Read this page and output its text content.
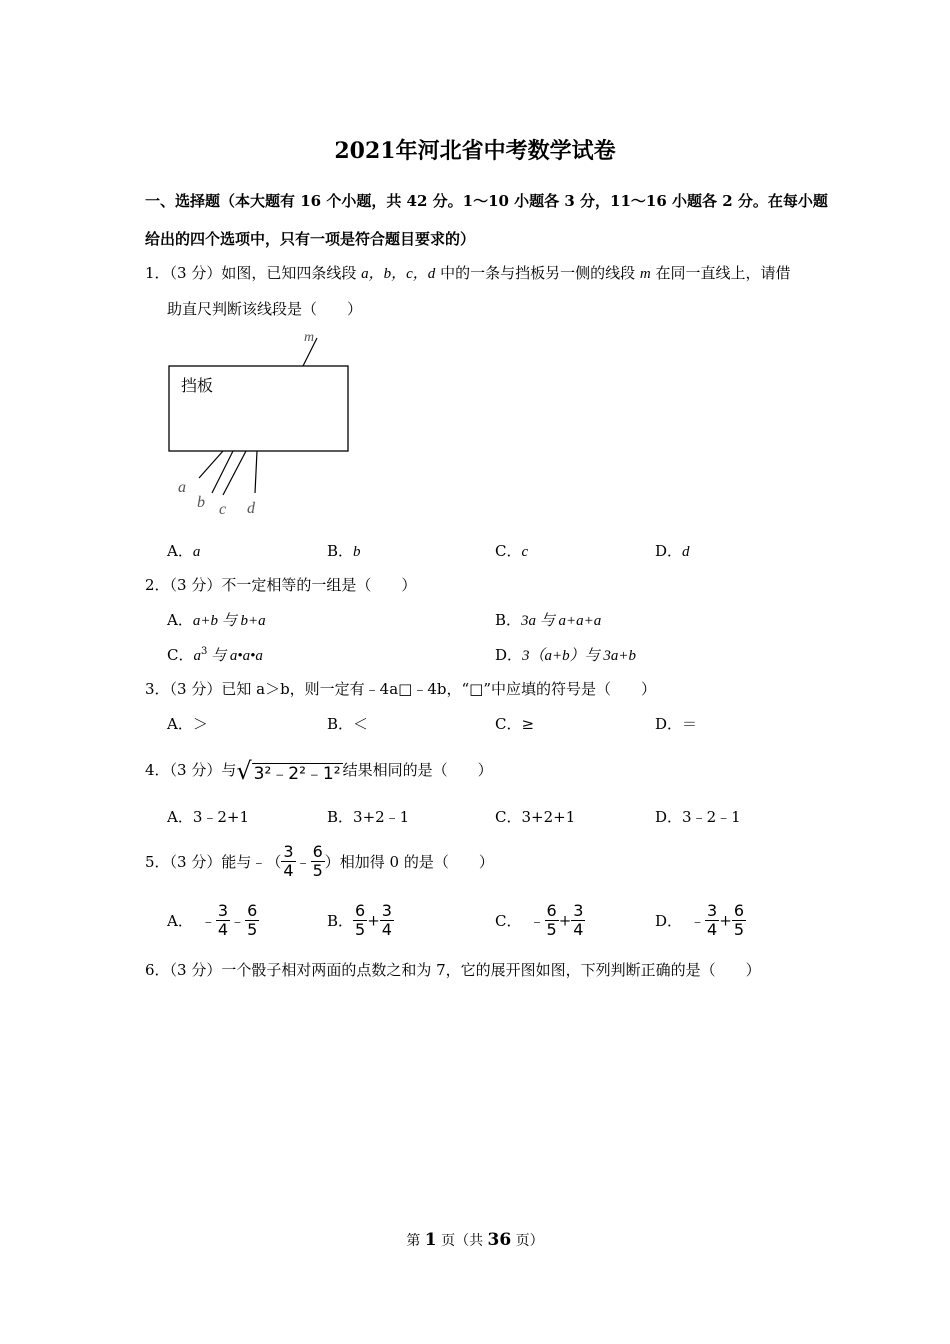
2021年河北省中考数学试卷
一、选择题（本大题有 16 个小题，共 42 分。1～10 小题各 3 分，11～16 小题各 2 分。在每小题
给出的四个选项中，只有一项是符合题目要求的）
1．（3 分）如图，已知四条线段 a，b，c，d 中的一条与挡板另一侧的线段 m 在同一直线上，请借
助直尺判断该线段是（　　）
挡板
m
a
b c d
A．a	B．b	C．c	D．d
2．（3 分）不一定相等的一组是（　　）
A．a+b 与 b+a	B．3a 与 a+a+a
C．$a^3$ 与 a•a•a	D．3（a+b）与 3a+b
3．（3 分）已知 a＞b，则一定有﹣4a□﹣4b，“□”中应填的符号是（　　）
A．＞	B．＜	C．≥	D．＝
4．（3 分）与√ 3²﹣2²﹣1² 结果相同的是（　　）
A．3﹣2+1	B．3+2﹣1	C．3+2+1	D．3﹣2﹣1
5．（3 分）能与﹣（ $\frac{3}{4}$ ﹣ $\frac{6}{5}$ ）相加得 0 的是（　　）
A． ﹣ $\frac{3}{4}$ ﹣ $\frac{6}{5}$	B． $\frac{6}{5} + \frac{3}{4}$	C． ﹣ $\frac{6}{5} + \frac{3}{4}$	D． ﹣ $\frac{3}{4} + \frac{6}{5}$
6．（3 分）一个骰子相对两面的点数之和为 7，它的展开图如图，下列判断正确的是（　　）
第 1 页（共 36 页）
